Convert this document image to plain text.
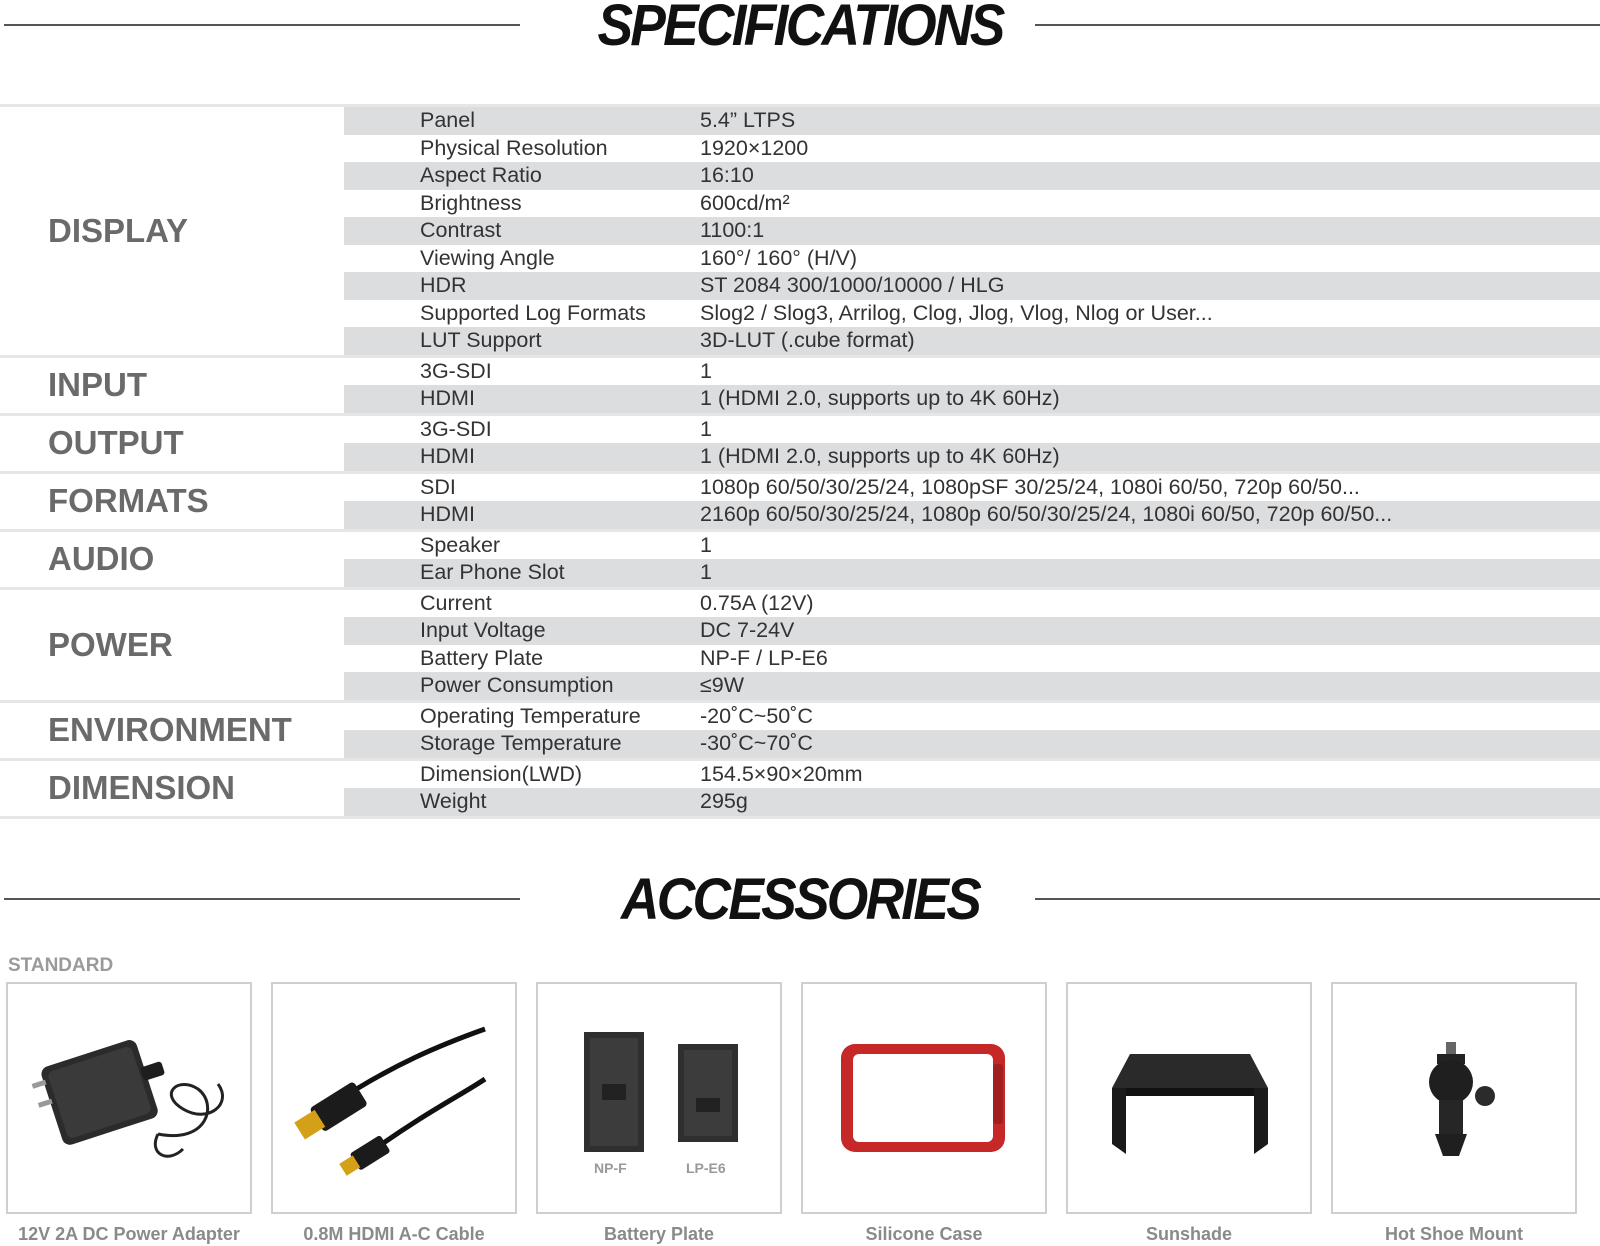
SPECIFICATIONS
DISPLAY
Panel	5.4” LTPS
Physical Resolution	1920×1200
Aspect Ratio	16:10
Brightness	600cd/m²
Contrast	1100:1
Viewing Angle	160°/ 160° (H/V)
HDR	ST 2084 300/1000/10000 / HLG
Supported Log Formats	Slog2 / Slog3, Arrilog, Clog, Jlog, Vlog, Nlog or User...
LUT Support	3D-LUT (.cube format)
INPUT	3G-SDI	1
HDMI	1 (HDMI 2.0, supports up to 4K 60Hz)
OUTPUT	3G-SDI	1
HDMI	1 (HDMI 2.0, supports up to 4K 60Hz)
FORMATS	SDI	1080p 60/50/30/25/24, 1080pSF 30/25/24, 1080i 60/50, 720p 60/50...
HDMI	2160p 60/50/30/25/24, 1080p 60/50/30/25/24, 1080i 60/50, 720p 60/50...
AUDIO	Speaker	1
Ear Phone Slot	1
POWER
Current	0.75A (12V)
Input Voltage	DC 7-24V
Battery Plate	NP-F / LP-E6
Power Consumption	≤9W
ENVIRONMENT	Operating Temperature	-20˚C~50˚C
Storage Temperature	-30˚C~70˚C
DIMENSION	Dimension(LWD)	154.5×90×20mm
Weight	295g
ACCESSORIES
STANDARD
NP-F	LP-E6
12V 2A DC Power Adapter	0.8M HDMI A-C Cable	Battery Plate	Silicone Case	Sunshade	Hot Shoe Mount
